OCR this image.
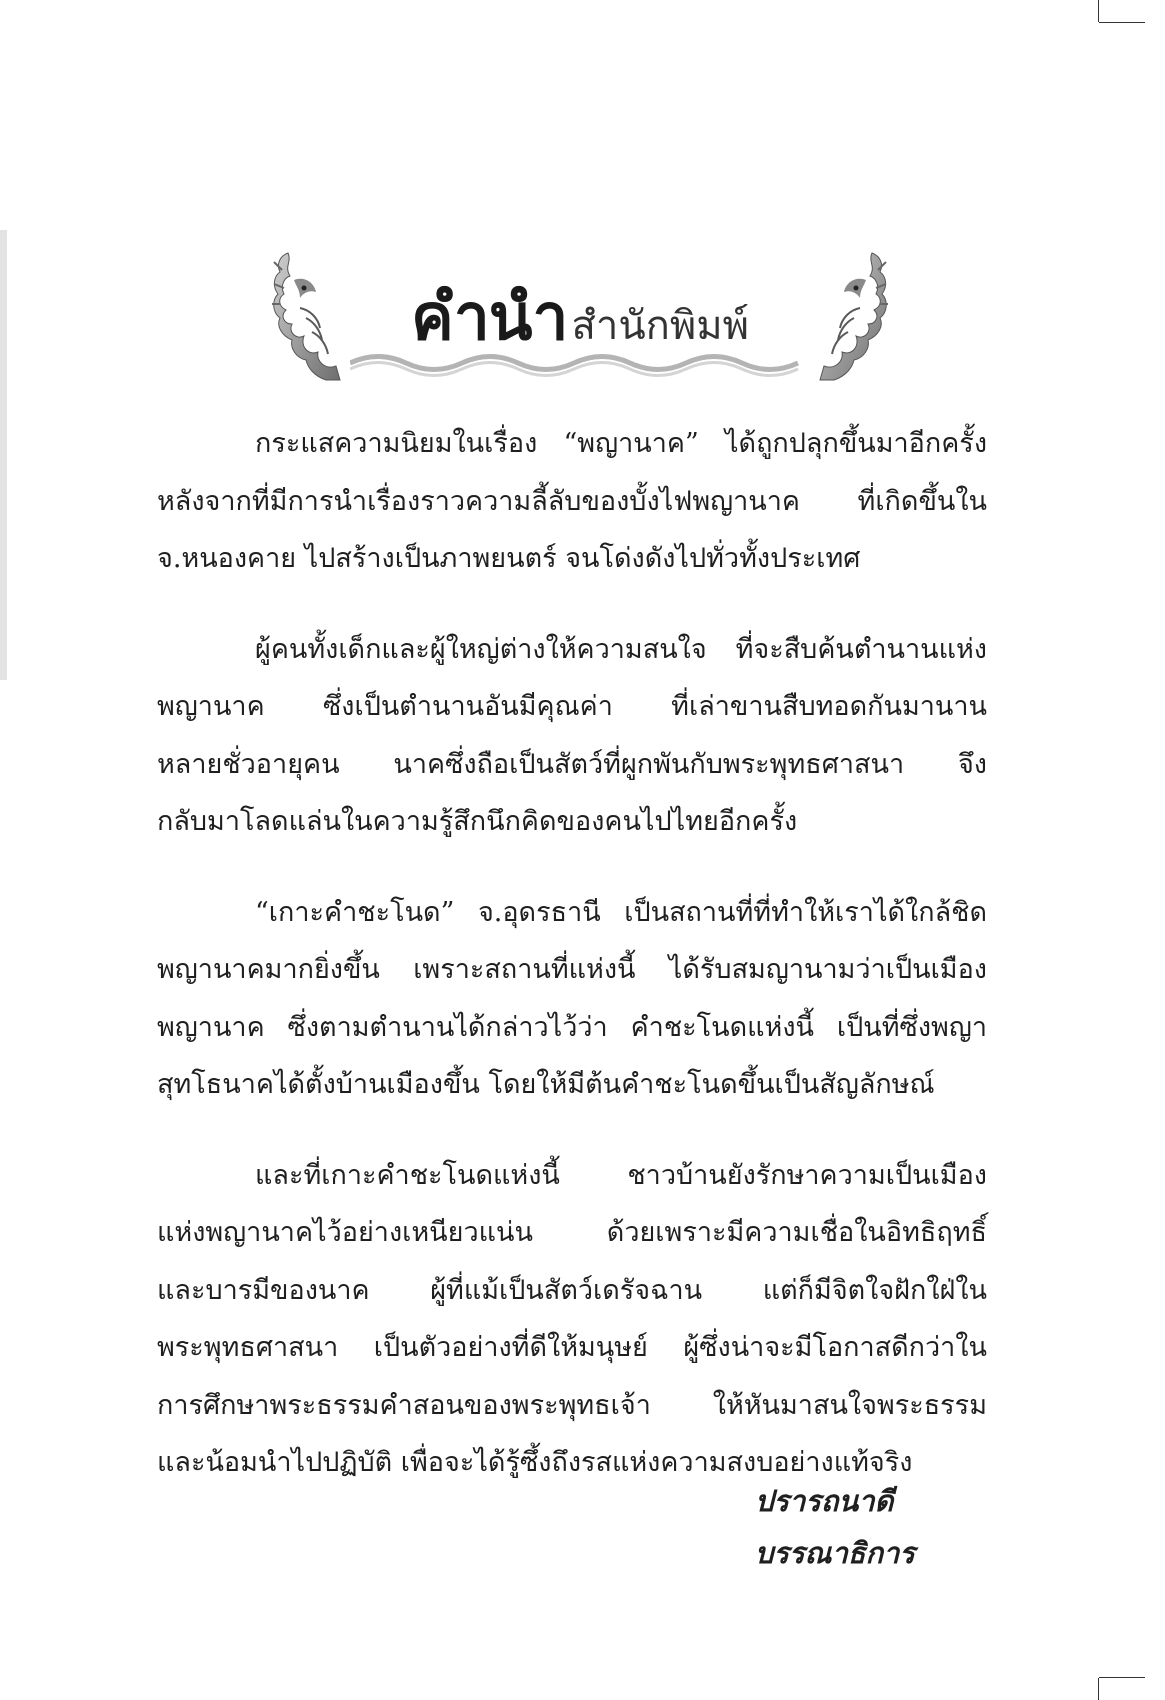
คำนำ สำนักพิมพ์
กระแสความนิยมในเรื่อง “พญานาค” ได้ถูกปลุกขึ้นมาอีกครั้ง
หลังจากที่มีการนำเรื่องราวความลี้ลับของบั้งไฟพญานาค ที่เกิดขึ้นใน
จ.หนองคาย ไปสร้างเป็นภาพยนตร์ จนโด่งดังไปทั่วทั้งประเทศ
ผู้คนทั้งเด็กและผู้ใหญ่ต่างให้ความสนใจ ที่จะสืบค้นตำนานแห่ง
พญานาค ซึ่งเป็นตำนานอันมีคุณค่า ที่เล่าขานสืบทอดกันมานาน
หลายชั่วอายุคน นาคซึ่งถือเป็นสัตว์ที่ผูกพันกับพระพุทธศาสนา จึง
กลับมาโลดแล่นในความรู้สึกนึกคิดของคนไปไทยอีกครั้ง
“เกาะคำชะโนด” จ.อุดรธานี เป็นสถานที่ที่ทำให้เราได้ใกล้ชิด
พญานาคมากยิ่งขึ้น เพราะสถานที่แห่งนี้ ได้รับสมญานามว่าเป็นเมือง
พญานาค ซึ่งตามตำนานได้กล่าวไว้ว่า คำชะโนดแห่งนี้ เป็นที่ซึ่งพญา
สุทโธนาคได้ตั้งบ้านเมืองขึ้น โดยให้มีต้นคำชะโนดขึ้นเป็นสัญลักษณ์
และที่เกาะคำชะโนดแห่งนี้ ชาวบ้านยังรักษาความเป็นเมือง
แห่งพญานาคไว้อย่างเหนียวแน่น ด้วยเพราะมีความเชื่อในอิทธิฤทธิ์
และบารมีของนาค ผู้ที่แม้เป็นสัตว์เดรัจฉาน แต่ก็มีจิตใจฝักใฝ่ใน
พระพุทธศาสนา เป็นตัวอย่างที่ดีให้มนุษย์ ผู้ซึ่งน่าจะมีโอกาสดีกว่าใน
การศึกษาพระธรรมคำสอนของพระพุทธเจ้า ให้หันมาสนใจพระธรรม
และน้อมนำไปปฏิบัติ เพื่อจะได้รู้ซึ้งถึงรสแห่งความสงบอย่างแท้จริง
ปรารถนาดี
บรรณาธิการ
